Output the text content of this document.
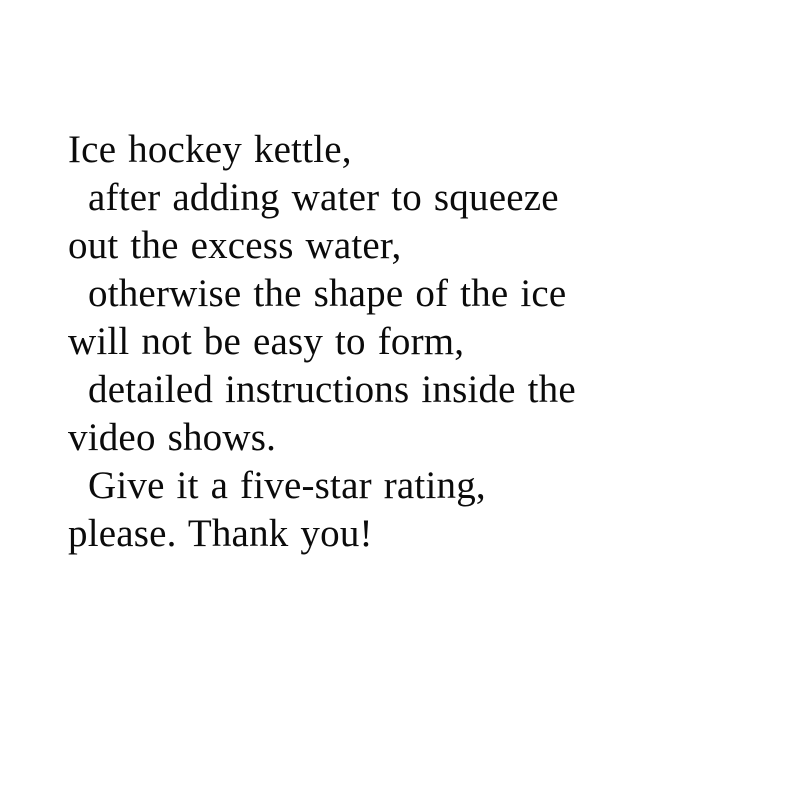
Ice hockey kettle,
after adding water to squeeze
out the excess water,
otherwise the shape of the ice
will not be easy to form,
detailed instructions inside the
video shows.
Give it a five-star rating,
please. Thank you!
